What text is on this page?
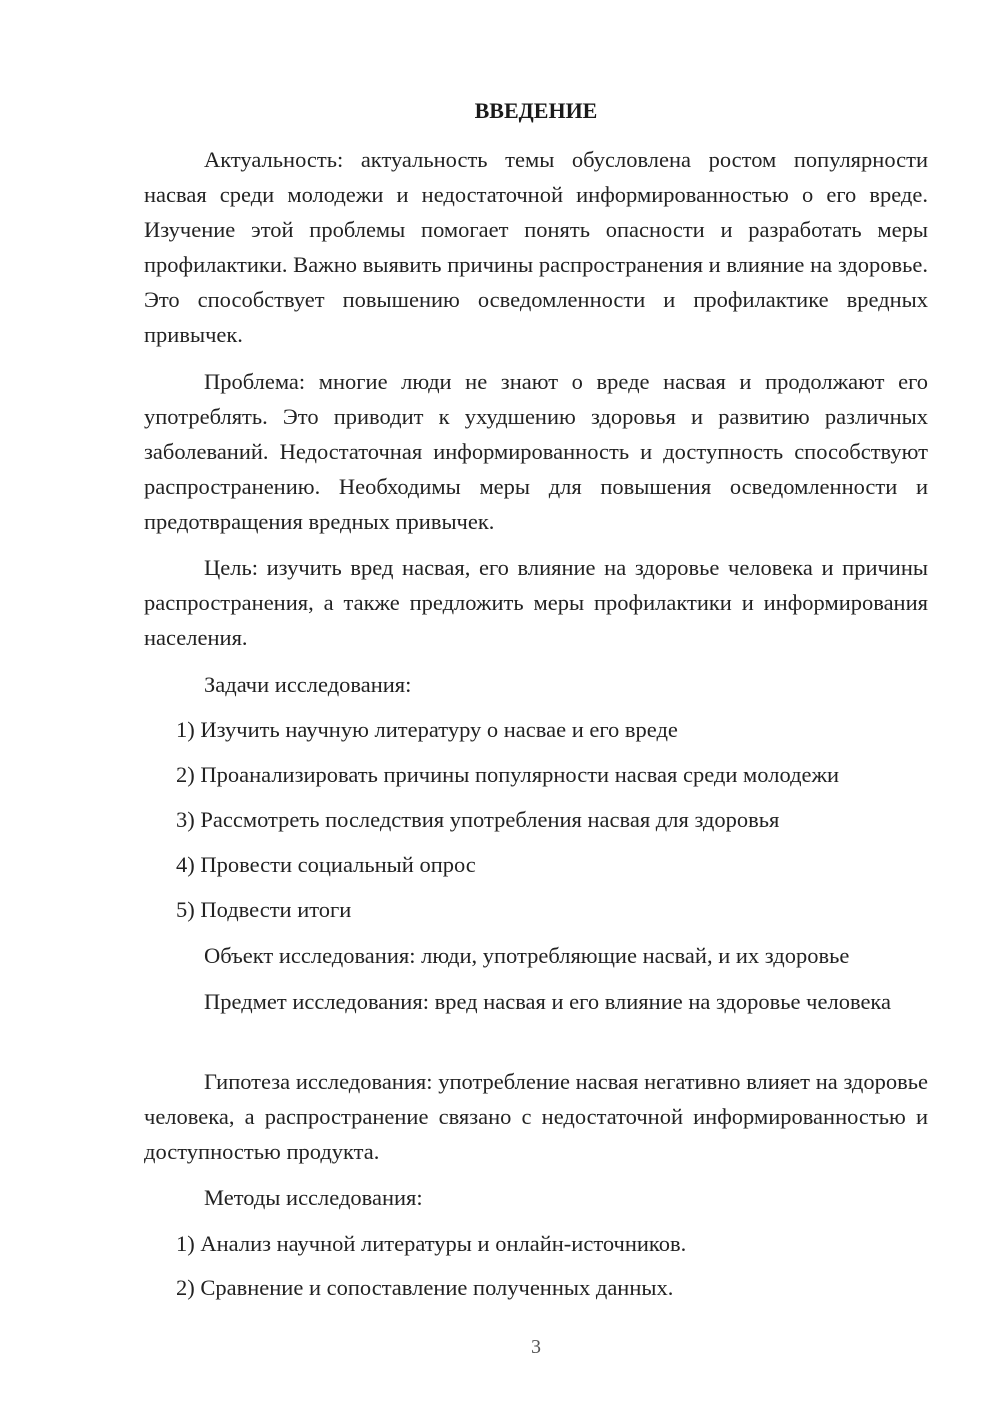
ВВЕДЕНИЕ

Актуальность: актуальность темы обусловлена ростом популярности насвая среди молодежи и недостаточной информированностью о его вреде. Изучение этой проблемы помогает понять опасности и разработать меры профилактики. Важно выявить причины распространения и влияние на здоровье. Это способствует повышению осведомленности и профилактике вредных привычек.

Проблема: многие люди не знают о вреде насвая и продолжают его употреблять. Это приводит к ухудшению здоровья и развитию различных заболеваний. Недостаточная информированность и доступность способствуют распространению. Необходимы меры для повышения осведомленности и предотвращения вредных привычек.

Цель: изучить вред насвая, его влияние на здоровье человека и причины распространения, а также предложить меры профилактики и информирования населения.

Задачи исследования:

1) Изучить научную литературу о насвае и его вреде

2) Проанализировать причины популярности насвая среди молодежи

3) Рассмотреть последствия употребления насвая для здоровья

4) Провести социальный опрос

5) Подвести итоги

Объект исследования: люди, употребляющие насвай, и их здоровье

Предмет исследования: вред насвая и его влияние на здоровье человека

Гипотеза исследования: употребление насвая негативно влияет на здоровье человека, а распространение связано с недостаточной информированностью и доступностью продукта.

Методы исследования:

1) Анализ научной литературы и онлайн-источников.

2) Сравнение и сопоставление полученных данных.

3
